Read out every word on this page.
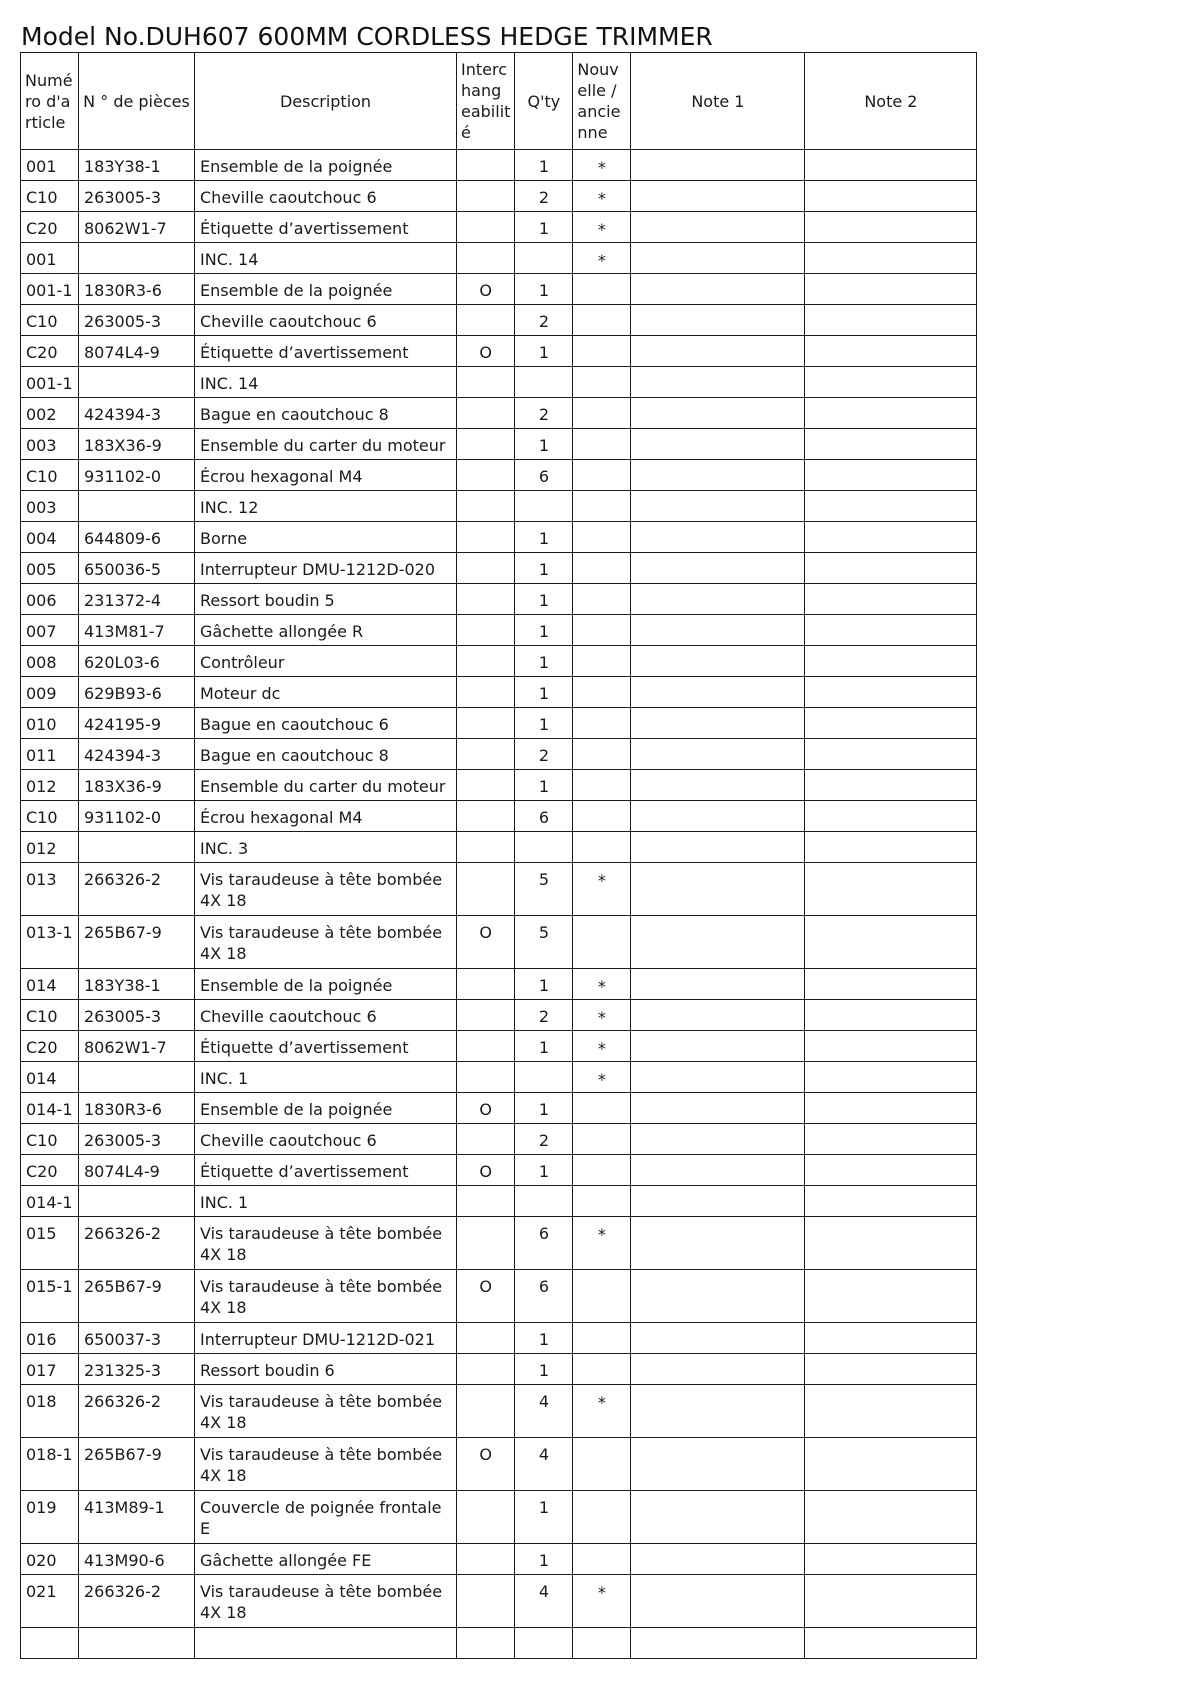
Model No.DUH607 600MM CORDLESS HEDGE TRIMMER
Numé ro d'a rticle	N ° de pièces	Description	Interc hang eabilit é	Q'ty	Nouv elle / ancie nne	Note 1	Note 2

001	183Y38-1	Ensemble de la poignée		1	*		

C10	263005-3	Cheville caoutchouc 6		2	*		

C20	8062W1-7	Étiquette d’avertissement		1	*		

001		INC. 14			*		

001-1	1830R3-6	Ensemble de la poignée	O	1			

C10	263005-3	Cheville caoutchouc 6		2			

C20	8074L4-9	Étiquette d’avertissement	O	1			

001-1		INC. 14					

002	424394-3	Bague en caoutchouc 8		2			

003	183X36-9	Ensemble du carter du moteur		1			

C10	931102-0	Écrou hexagonal M4		6			

003		INC. 12					

004	644809-6	Borne		1			

005	650036-5	Interrupteur DMU-1212D-020		1			

006	231372-4	Ressort boudin 5		1			

007	413M81-7	Gâchette allongée R		1			

008	620L03-6	Contrôleur		1			

009	629B93-6	Moteur dc		1			

010	424195-9	Bague en caoutchouc 6		1			

011	424394-3	Bague en caoutchouc 8		2			

012	183X36-9	Ensemble du carter du moteur		1			

C10	931102-0	Écrou hexagonal M4		6			

012		INC. 3					

013	266326-2	Vis taraudeuse à tête bombée 4X 18		5	*		

013-1	265B67-9	Vis taraudeuse à tête bombée 4X 18	O	5			

014	183Y38-1	Ensemble de la poignée		1	*		

C10	263005-3	Cheville caoutchouc 6		2	*		

C20	8062W1-7	Étiquette d’avertissement		1	*		

014		INC. 1			*		

014-1	1830R3-6	Ensemble de la poignée	O	1			

C10	263005-3	Cheville caoutchouc 6		2			

C20	8074L4-9	Étiquette d’avertissement	O	1			

014-1		INC. 1					

015	266326-2	Vis taraudeuse à tête bombée 4X 18		6	*		

015-1	265B67-9	Vis taraudeuse à tête bombée 4X 18	O	6			

016	650037-3	Interrupteur DMU-1212D-021		1			

017	231325-3	Ressort boudin 6		1			

018	266326-2	Vis taraudeuse à tête bombée 4X 18		4	*		

018-1	265B67-9	Vis taraudeuse à tête bombée 4X 18	O	4			

019	413M89-1	Couvercle de poignée frontale E		1			

020	413M90-6	Gâchette allongée FE		1			

021	266326-2	Vis taraudeuse à tête bombée 4X 18		4	*		
